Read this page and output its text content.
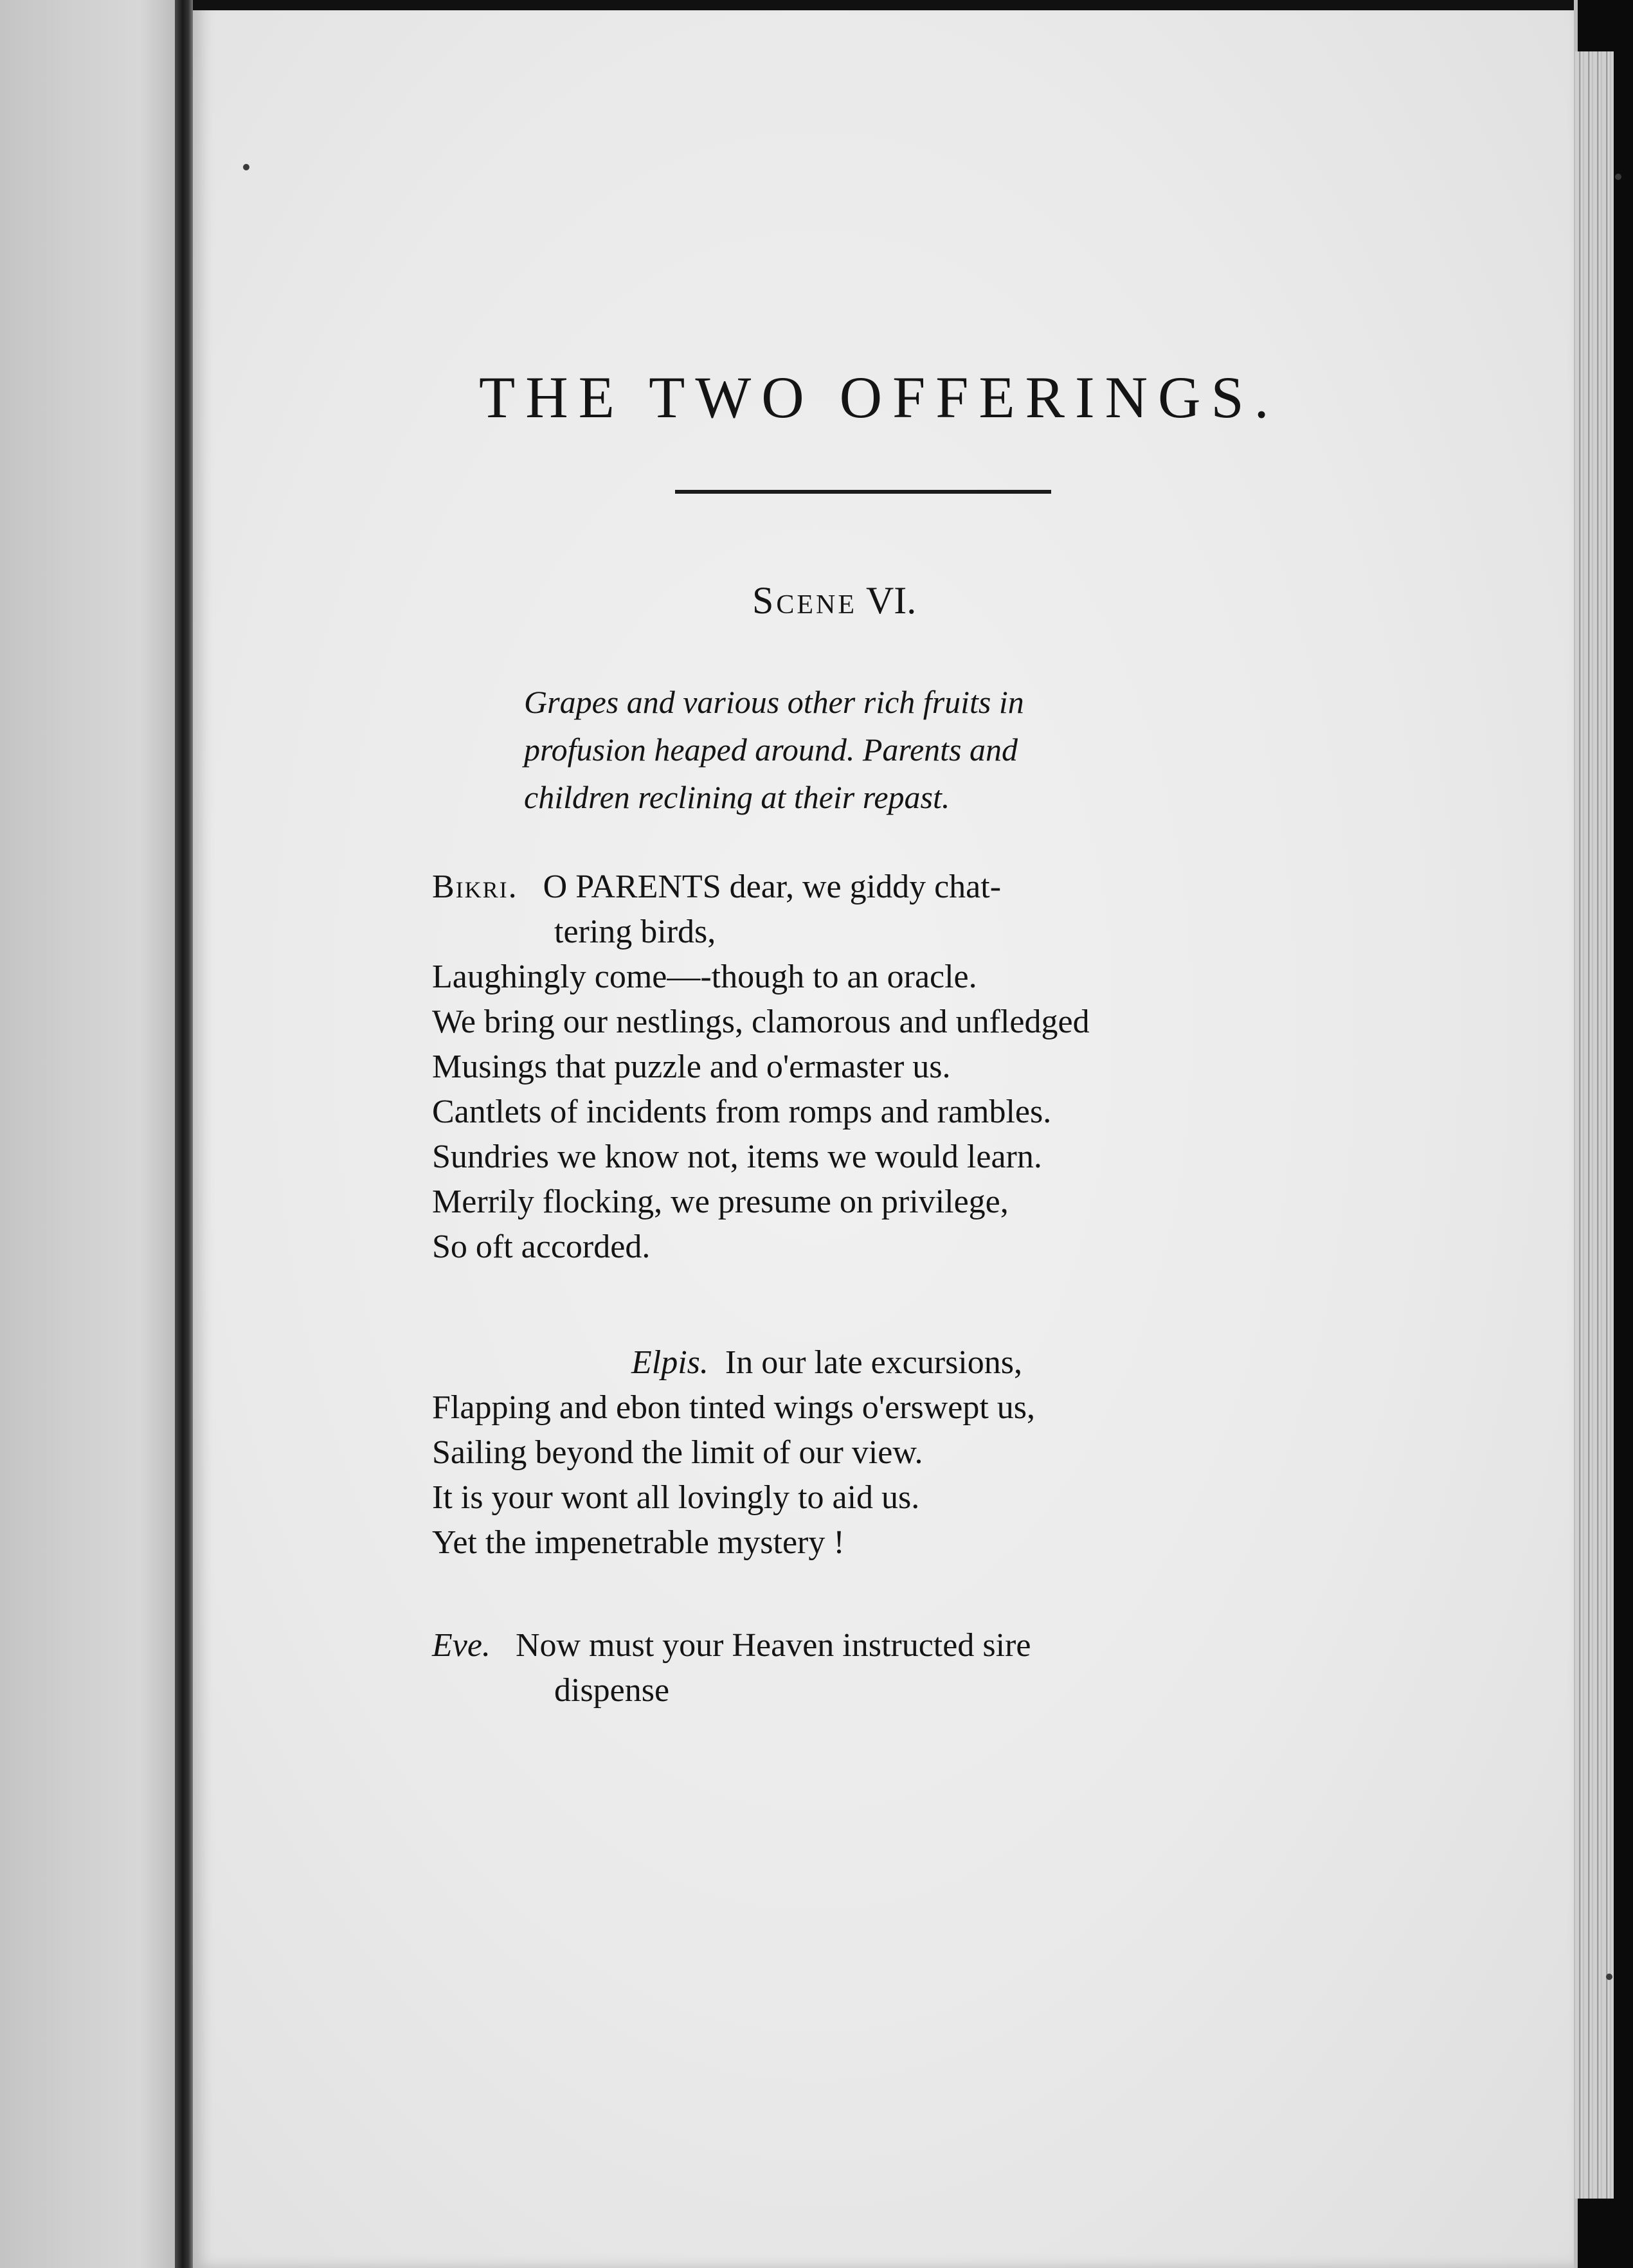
THE TWO OFFERINGS.
Scene VI.

Grapes and various other rich fruits in
profusion heaped around. Parents and
children reclining at their repast.

Bikri. O PARENTS dear, we giddy chat-
tering birds,
Laughingly come—-though to an oracle.
We bring our nestlings, clamorous and unfledged
Musings that puzzle and o'ermaster us.
Cantlets of incidents from romps and rambles.
Sundries we know not, items we would learn.
Merrily flocking, we presume on privilege,
So oft accorded.
Elpis. In our late excursions,
Flapping and ebon tinted wings o'erswept us,
Sailing beyond the limit of our view.
It is your wont all lovingly to aid us.
Yet the impenetrable mystery !
Eve. Now must your Heaven instructed sire
dispense
